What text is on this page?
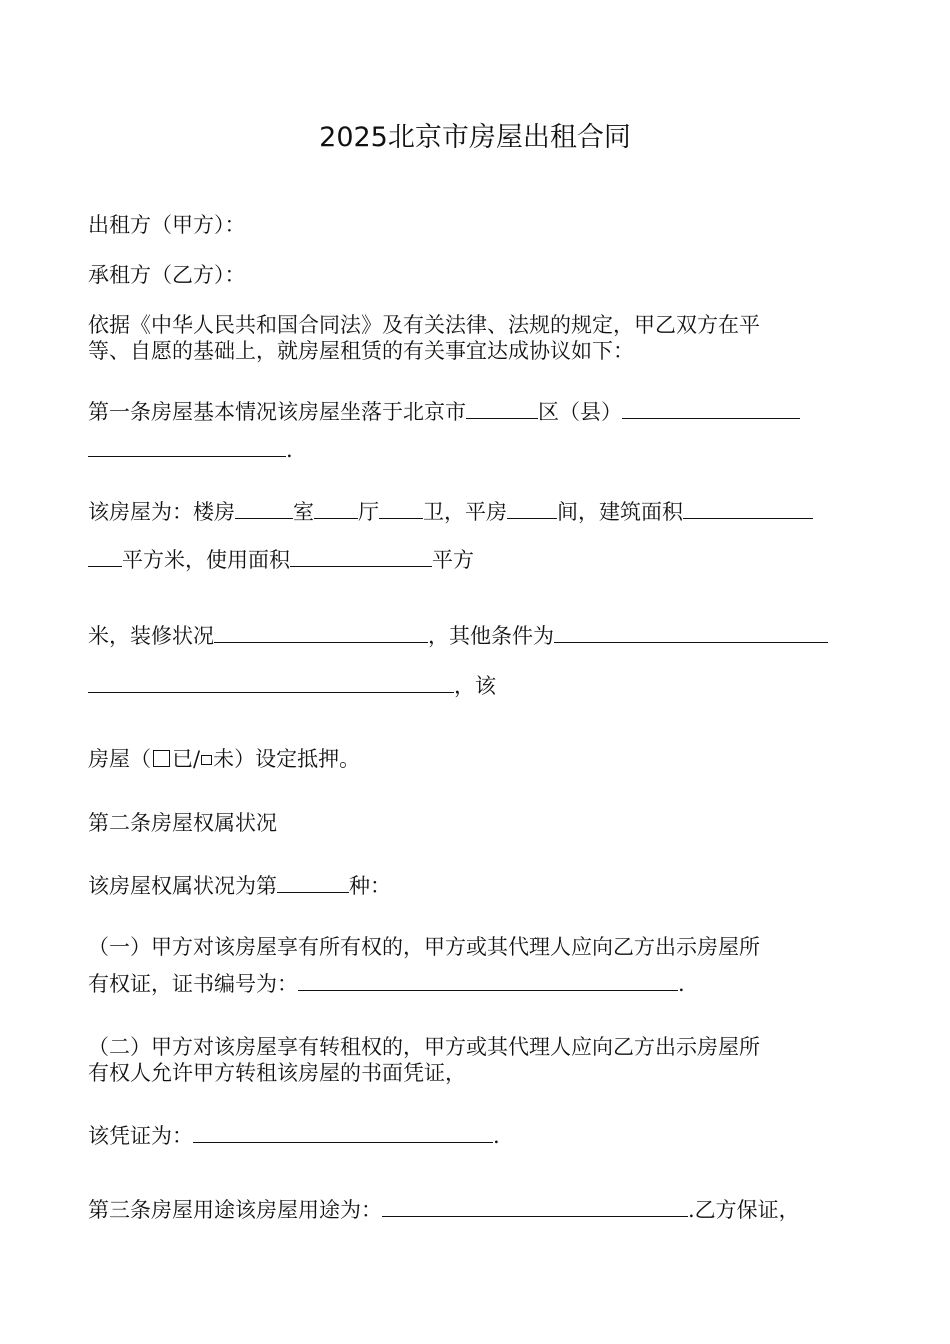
2025北京市房屋出租合同
出租方（甲方）：
承租方（乙方）：
依据《中华人民共和国合同法》及有关法律、法规的规定，甲乙双方在平
等、自愿的基础上，就房屋租赁的有关事宜达成协议如下：
第一条房屋基本情况该房屋坐落于北京市	区（县）
.
该房屋为：楼房	室 厅 卫，平房 间，建筑面积
平方米，使用面积	平方
米，装修状况	，其他条件为
，该
房屋（ 已/ 未）设定抵押。
第二条房屋权属状况
该房屋权属状况为第	种：
（一）甲方对该房屋享有所有权的，甲方或其代理人应向乙方出示房屋所
有权证，证书编号为：	.
（二）甲方对该房屋享有转租权的，甲方或其代理人应向乙方出示房屋所
有权人允许甲方转租该房屋的书面凭证，
该凭证为：	.
第三条房屋用途该房屋用途为：	.乙方保证，
